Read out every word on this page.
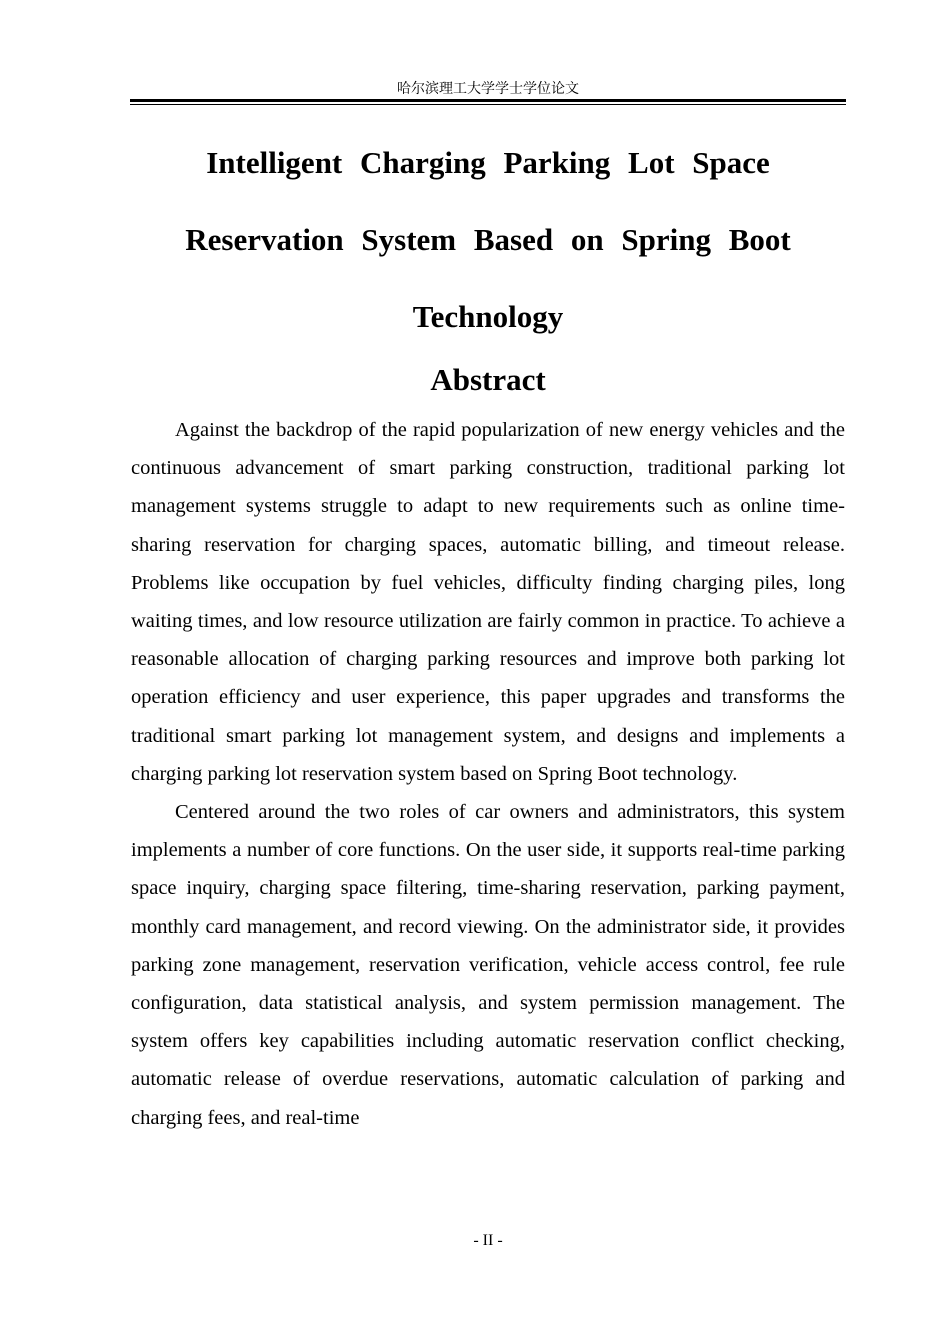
哈尔滨理工大学学士学位论文
Intelligent Charging Parking Lot Space Reservation System Based on Spring Boot Technology
Abstract

Against the backdrop of the rapid popularization of new energy vehicles and the continuous advancement of smart parking construction, traditional parking lot management systems struggle to adapt to new requirements such as online time-sharing reservation for charging spaces, automatic billing, and timeout release. Problems like occupation by fuel vehicles, difficulty finding charging piles, long waiting times, and low resource utilization are fairly common in practice. To achieve a reasonable allocation of charging parking resources and improve both parking lot operation efficiency and user experience, this paper upgrades and transforms the traditional smart parking lot management system, and designs and implements a charging parking lot reservation system based on Spring Boot technology.

Centered around the two roles of car owners and administrators, this system implements a number of core functions. On the user side, it supports real-time parking space inquiry, charging space filtering, time-sharing reservation, parking payment, monthly card management, and record viewing. On the administrator side, it provides parking zone management, reservation verification, vehicle access control, fee rule configuration, data statistical analysis, and system permission management. The system offers key capabilities including automatic reservation conflict checking, automatic release of overdue reservations, automatic calculation of parking and charging fees, and real-time

- II -
